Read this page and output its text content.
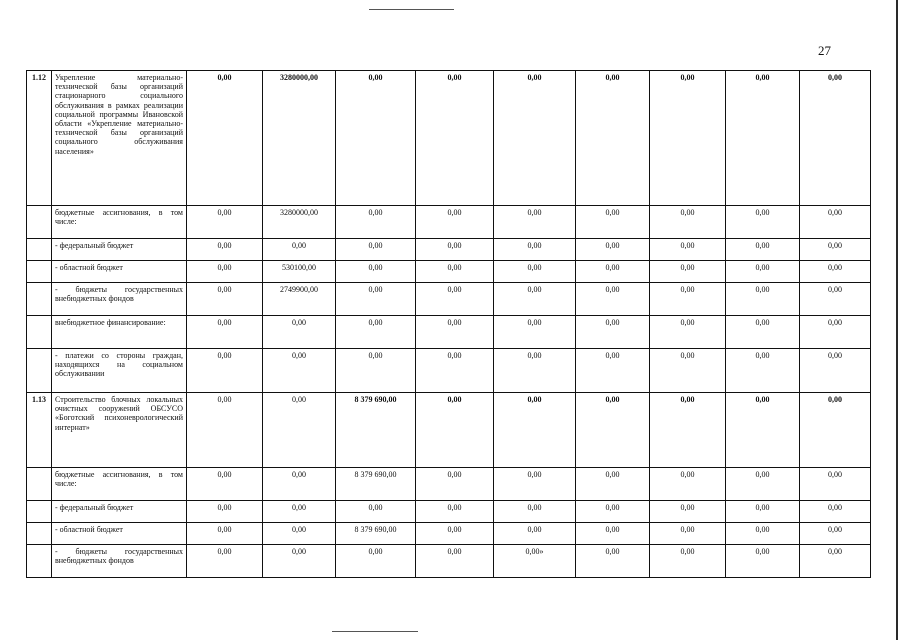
27
1.12	Укрепление материально-технической базы организаций стационарного социального обслуживания в рамках реализации социальной программы Ивановской области «Укрепление материально-технической базы организаций социального обслуживания населения»	0,00	3280000,00	0,00	0,00	0,00	0,00	0,00	0,00	0,00
	бюджетные ассигнования, в том числе:	0,00	3280000,00	0,00	0,00	0,00	0,00	0,00	0,00	0,00
	- федеральный бюджет	0,00	0,00	0,00	0,00	0,00	0,00	0,00	0,00	0,00
	- областной бюджет	0,00	530100,00	0,00	0,00	0,00	0,00	0,00	0,00	0,00
	- бюджеты государственных внебюджетных фондов	0,00	2749900,00	0,00	0,00	0,00	0,00	0,00	0,00	0,00
	внебюджетное финансирование:	0,00	0,00	0,00	0,00	0,00	0,00	0,00	0,00	0,00
	- платежи со стороны граждан, находящихся на социальном обслуживании	0,00	0,00	0,00	0,00	0,00	0,00	0,00	0,00	0,00
1.13	Строительство блочных локальных очистных сооружений ОБСУСО «Боготский психоневрологический интернат»	0,00	0,00	8 379 690,00	0,00	0,00	0,00	0,00	0,00	0,00
	бюджетные ассигнования, в том числе:	0,00	0,00	8 379 690,00	0,00	0,00	0,00	0,00	0,00	0,00
	- федеральный бюджет	0,00	0,00	0,00	0,00	0,00	0,00	0,00	0,00	0,00
	- областной бюджет	0,00	0,00	8 379 690,00	0,00	0,00	0,00	0,00	0,00	0,00
	- бюджеты государственных внебюджетных фондов	0,00	0,00	0,00	0,00	0,00»	0,00	0,00	0,00	0,00
